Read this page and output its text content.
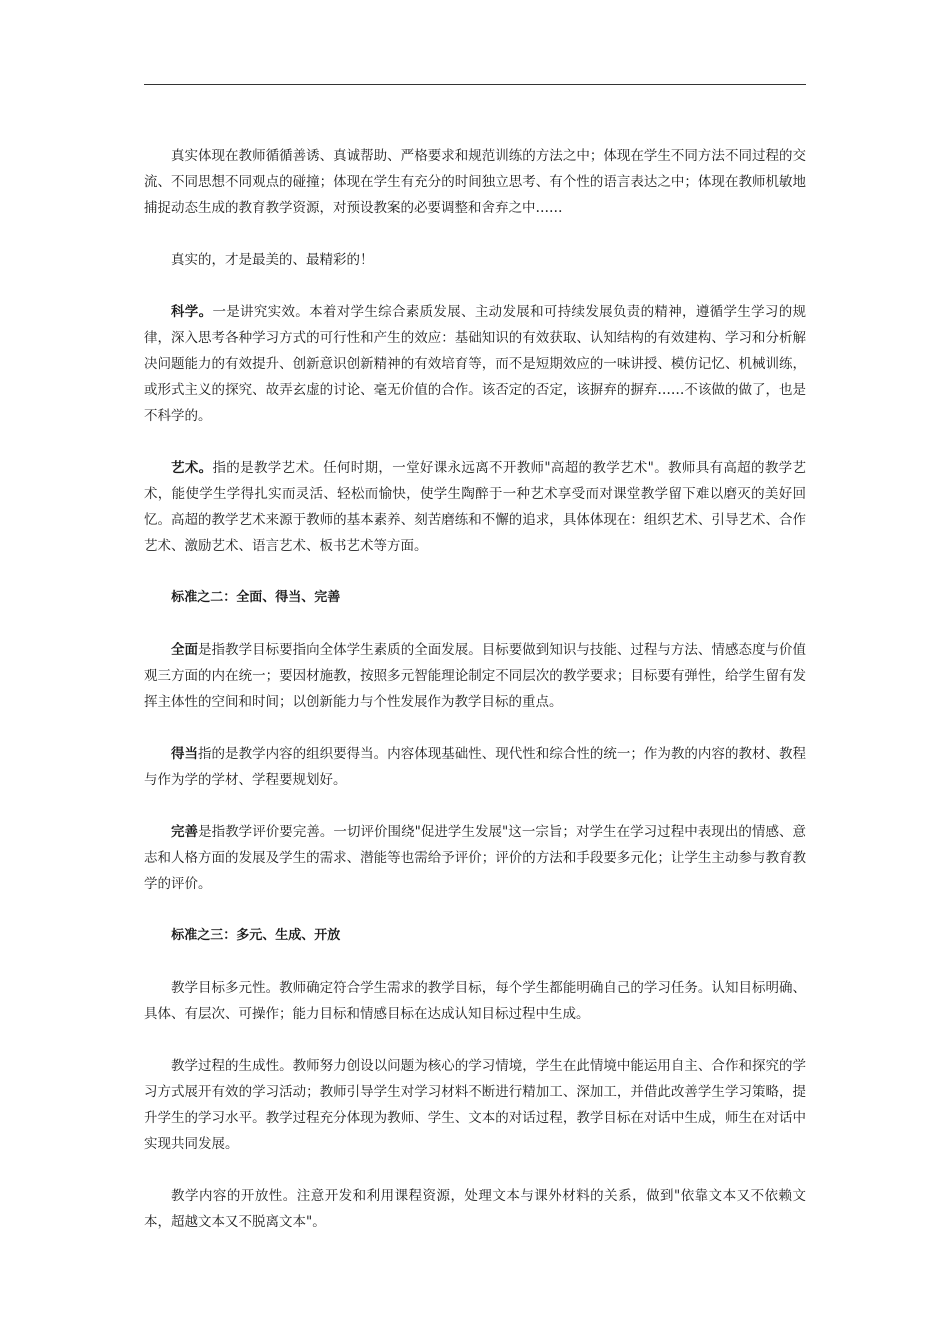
真实体现在教师循循善诱、真诚帮助、严格要求和规范训练的方法之中；体现在学生不同方法不同过程的交流、不同思想不同观点的碰撞；体现在学生有充分的时间独立思考、有个性的语言表达之中；体现在教师机敏地捕捉动态生成的教育教学资源，对预设教案的必要调整和舍弃之中……

真实的，才是最美的、最精彩的！

科学。一是讲究实效。本着对学生综合素质发展、主动发展和可持续发展负责的精神，遵循学生学习的规律，深入思考各种学习方式的可行性和产生的效应：基础知识的有效获取、认知结构的有效建构、学习和分析解决问题能力的有效提升、创新意识创新精神的有效培育等，而不是短期效应的一味讲授、模仿记忆、机械训练，或形式主义的探究、故弄玄虚的讨论、毫无价值的合作。该否定的否定，该摒弃的摒弃……不该做的做了，也是不科学的。

艺术。指的是教学艺术。任何时期，一堂好课永远离不开教师"高超的教学艺术"。教师具有高超的教学艺术，能使学生学得扎实而灵活、轻松而愉快，使学生陶醉于一种艺术享受而对课堂教学留下难以磨灭的美好回忆。高超的教学艺术来源于教师的基本素养、刻苦磨练和不懈的追求，具体体现在：组织艺术、引导艺术、合作艺术、激励艺术、语言艺术、板书艺术等方面。

标准之二：全面、得当、完善

全面是指教学目标要指向全体学生素质的全面发展。目标要做到知识与技能、过程与方法、情感态度与价值观三方面的内在统一；要因材施教，按照多元智能理论制定不同层次的教学要求；目标要有弹性，给学生留有发挥主体性的空间和时间；以创新能力与个性发展作为教学目标的重点。

得当指的是教学内容的组织要得当。内容体现基础性、现代性和综合性的统一；作为教的内容的教材、教程与作为学的学材、学程要规划好。

完善是指教学评价要完善。一切评价围绕"促进学生发展"这一宗旨；对学生在学习过程中表现出的情感、意志和人格方面的发展及学生的需求、潜能等也需给予评价；评价的方法和手段要多元化；让学生主动参与教育教学的评价。

标准之三：多元、生成、开放

教学目标多元性。教师确定符合学生需求的教学目标，每个学生都能明确自己的学习任务。认知目标明确、具体、有层次、可操作；能力目标和情感目标在达成认知目标过程中生成。

教学过程的生成性。教师努力创设以问题为核心的学习情境，学生在此情境中能运用自主、合作和探究的学习方式展开有效的学习活动；教师引导学生对学习材料不断进行精加工、深加工，并借此改善学生学习策略，提升学生的学习水平。教学过程充分体现为教师、学生、文本的对话过程，教学目标在对话中生成，师生在对话中实现共同发展。

教学内容的开放性。注意开发和利用课程资源，处理文本与课外材料的关系，做到"依靠文本又不依赖文本，超越文本又不脱离文本"。
